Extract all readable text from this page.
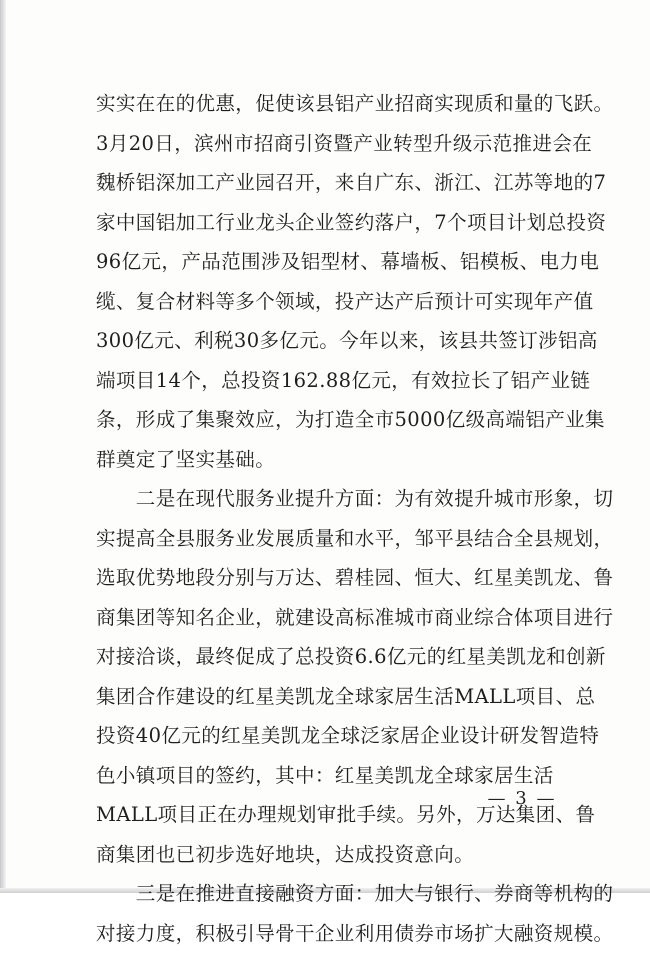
实实在在的优惠，促使该县铝产业招商实现质和量的飞跃。
3月20日，滨州市招商引资暨产业转型升级示范推进会在
魏桥铝深加工产业园召开，来自广东、浙江、江苏等地的7
家中国铝加工行业龙头企业签约落户，7个项目计划总投资
96亿元，产品范围涉及铝型材、幕墙板、铝模板、电力电
缆、复合材料等多个领域，投产达产后预计可实现年产值
300亿元、利税30多亿元。今年以来，该县共签订涉铝高
端项目14个，总投资162.88亿元，有效拉长了铝产业链
条，形成了集聚效应，为打造全市5000亿级高端铝产业集
群奠定了坚实基础。
　　二是在现代服务业提升方面：为有效提升城市形象，切
实提高全县服务业发展质量和水平，邹平县结合全县规划，
选取优势地段分别与万达、碧桂园、恒大、红星美凯龙、鲁
商集团等知名企业，就建设高标准城市商业综合体项目进行
对接洽谈，最终促成了总投资6.6亿元的红星美凯龙和创新
集团合作建设的红星美凯龙全球家居生活MALL项目、总
投资40亿元的红星美凯龙全球泛家居企业设计研发智造特
色小镇项目的签约，其中：红星美凯龙全球家居生活
MALL项目正在办理规划审批手续。另外，万达集团、鲁
商集团也已初步选好地块，达成投资意向。
　　三是在推进直接融资方面：加大与银行、券商等机构的
对接力度，积极引导骨干企业利用债券市场扩大融资规模。
— 3 —
